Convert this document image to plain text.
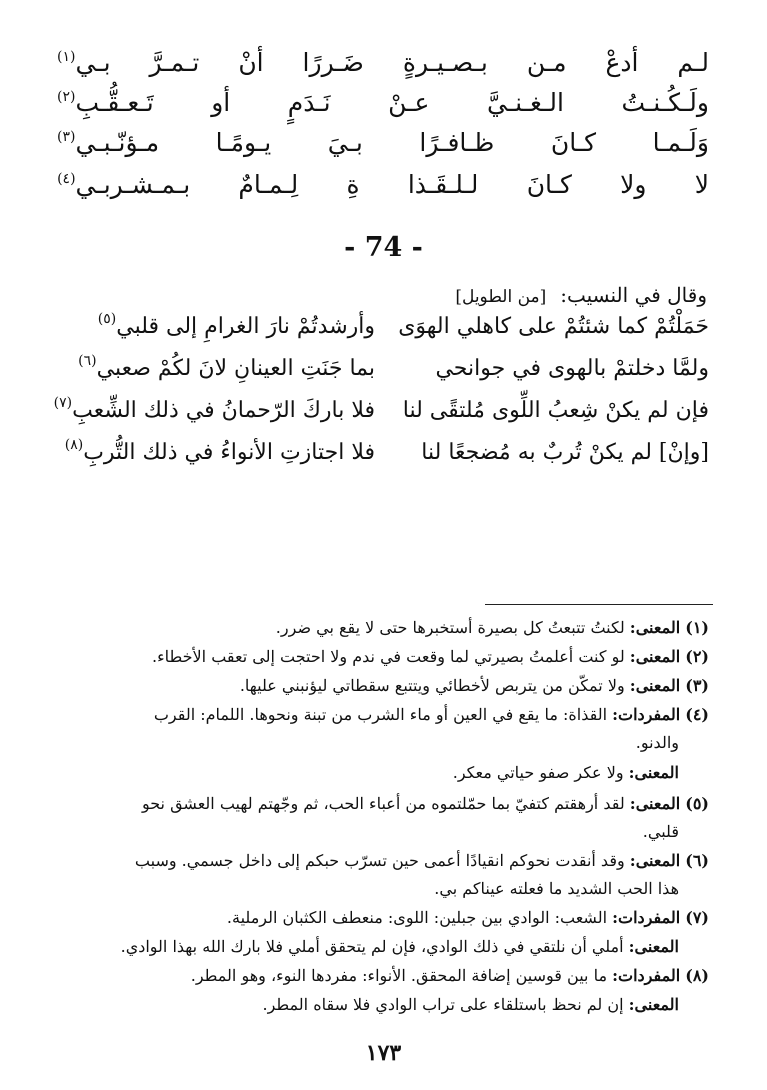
لـم
أدعْ
مـن
بـصـيـرةٍ
ضَـررًا
أنْ
تـمـرَّ
بـي$^{(١)}$
ولَـكُـنـتُ
الـغـنـيَّ
عـنْ
نَـدَمٍ
أو
تَـعـقُّـبِ$^{(٢)}$
وَلَـمـا
كـانَ
ظـافـرًا
بـيَ
يـومًـا
مـؤنّـبـي$^{(٣)}$
لا
ولا
كـانَ
لـلـقَـذا
ةِ
لِـمـامٌ
بـمـشـربـي$^{(٤)}$
- 74 -
وقال في النسيب:[من الطويل]
حَمَلْتُمْ كما شئتُمْ على كاهلي الهوَى
وأرشدتُمْ نارَ الغرامِ إلى قلبي$^{(٥)}$
ولمَّا دخلتمْ بالهوى في جوانحي
بما جَنَتِ العينانِ لانَ لكُمْ صعبي$^{(٦)}$
فإن لم يكنْ شِعبُ اللِّوى مُلتقًى لنا
فلا باركَ الرّحمانُ في ذلك الشِّعبِ$^{(٧)}$
[وإنْ] لم يكنْ تُربٌ به مُضجعًا لنا
فلا اجتازتِ الأنواءُ في ذلك التُّربِ$^{(٨)}$
(١) المعنى: لكنتُ تتبعتُ كل بصيرة أستخبرها حتى لا يقع بي ضرر.
(٢) المعنى: لو كنت أعلمتُ بصيرتي لما وقعت في ندم ولا احتجت إلى تعقب الأخطاء.
(٣) المعنى: ولا تمكّن من يتربص لأخطائي ويتتبع سقطاتي ليؤنبني عليها.
(٤) المفردات: القذاة: ما يقع في العين أو ماء الشرب من تبنة ونحوها. اللمام: القرب
والدنو.
المعنى: ولا عكر صفو حياتي معكر.
(٥) المعنى: لقد أرهقتم كتفيّ بما حمّلتموه من أعباء الحب، ثم وجّهتم لهيب العشق نحو
قلبي.
(٦) المعنى: وقد أنقدت نحوكم انقيادًا أعمى حين تسرّب حبكم إلى داخل جسمي. وسبب
هذا الحب الشديد ما فعلته عيناكم بي.
(٧) المفردات: الشعب: الوادي بين جبلين: اللوى: منعطف الكثبان الرملية.
المعنى: أملي أن نلتقي في ذلك الوادي، فإن لم يتحقق أملي فلا بارك الله بهذا الوادي.
(٨) المفردات: ما بين قوسين إضافة المحقق. الأنواء: مفردها النوء، وهو المطر.
المعنى: إن لم نحظ باستلقاء على تراب الوادي فلا سقاه المطر.
١٧٣
